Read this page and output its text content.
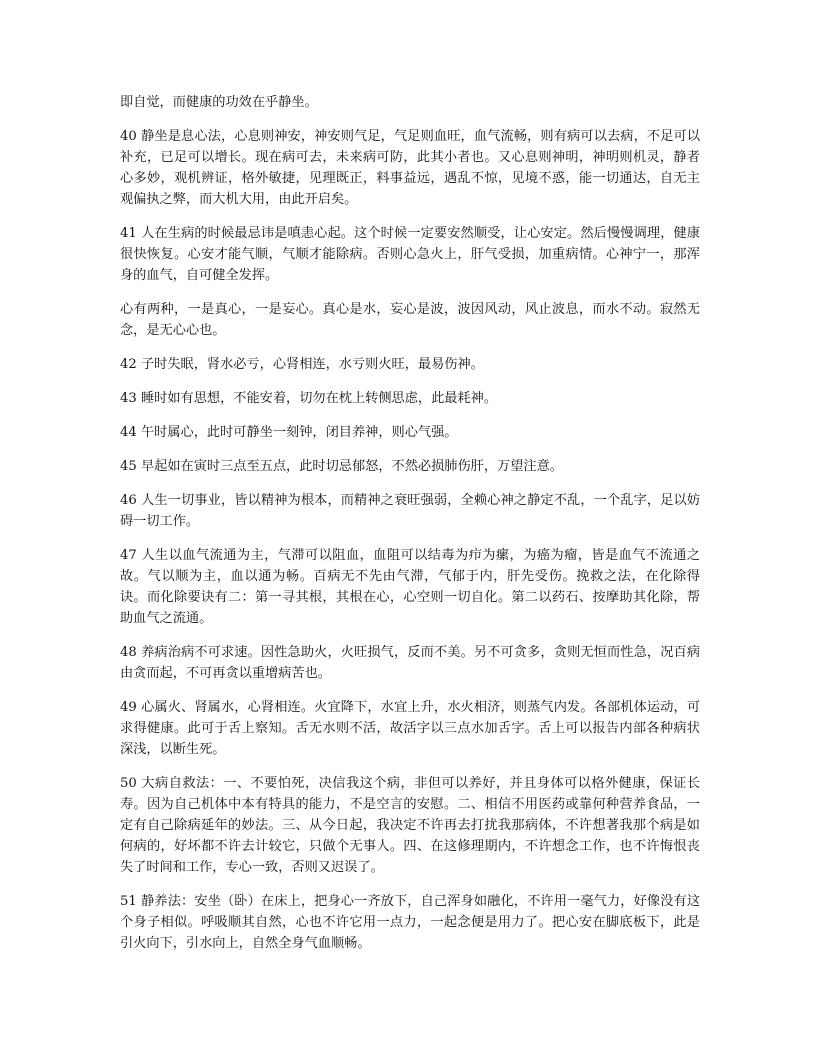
即自觉，而健康的功效在乎静坐。

40 静坐是息心法，心息则神安，神安则气足，气足则血旺，血气流畅，则有病可以去病，不足可以补充，已足可以增长。现在病可去，未来病可防，此其小者也。又心息则神明，神明则机灵，静者心多妙，观机辨证，格外敏捷，见理既正，料事益远，遇乱不惊，见境不惑，能一切通达，自无主观偏执之弊，而大机大用，由此开启矣。

41 人在生病的时候最忌讳是嗔恚心起。这个时候一定要安然顺受，让心安定。然后慢慢调理，健康很快恢复。心安才能气顺，气顺才能除病。否则心急火上，肝气受损，加重病情。心神宁一，那浑身的血气，自可健全发挥。

心有两种，一是真心，一是妄心。真心是水，妄心是波，波因风动，风止波息，而水不动。寂然无念，是无心心也。

42 子时失眠，肾水必亏，心肾相连，水亏则火旺，最易伤神。

43 睡时如有思想，不能安着，切勿在枕上转侧思虑，此最耗神。

44 午时属心，此时可静坐一刻钟，闭目养神，则心气强。

45 早起如在寅时三点至五点，此时切忌郁怒，不然必损肺伤肝，万望注意。

46 人生一切事业，皆以精神为根本，而精神之衰旺强弱，全赖心神之静定不乱，一个乱字，足以妨碍一切工作。

47 人生以血气流通为主，气滞可以阻血，血阻可以结毒为疖为瘰，为癌为瘤，皆是血气不流通之故。气以顺为主，血以通为畅。百病无不先由气滞，气郁于内，肝先受伤。挽救之法，在化除得诀。而化除要诀有二：第一寻其根，其根在心，心空则一切自化。第二以药石、按摩助其化除，帮助血气之流通。

48 养病治病不可求速。因性急助火，火旺损气，反而不美。另不可贪多，贪则无恒而性急，况百病由贪而起，不可再贪以重增病苦也。

49 心属火、肾属水，心肾相连。火宜降下，水宜上升，水火相济，则蒸气内发。各部机体运动，可求得健康。此可于舌上察知。舌无水则不活，故活字以三点水加舌字。舌上可以报告内部各种病状深浅，以断生死。

50 大病自救法：一、不要怕死，决信我这个病，非但可以养好，并且身体可以格外健康，保证长寿。因为自己机体中本有特具的能力，不是空言的安慰。二、相信不用医药或靠何种营养食品，一定有自己除病延年的妙法。三、从今日起，我决定不许再去打扰我那病体，不许想著我那个病是如何病的，好坏都不许去计较它，只做个无事人。四、在这修理期内，不许想念工作，也不许悔恨丧失了时间和工作，专心一致，否则又迟误了。

51 静养法：安坐（卧）在床上，把身心一齐放下，自己浑身如融化，不许用一毫气力，好像没有这个身子相似。呼吸顺其自然，心也不许它用一点力，一起念便是用力了。把心安在脚底板下，此是引火向下，引水向上，自然全身气血顺畅。
